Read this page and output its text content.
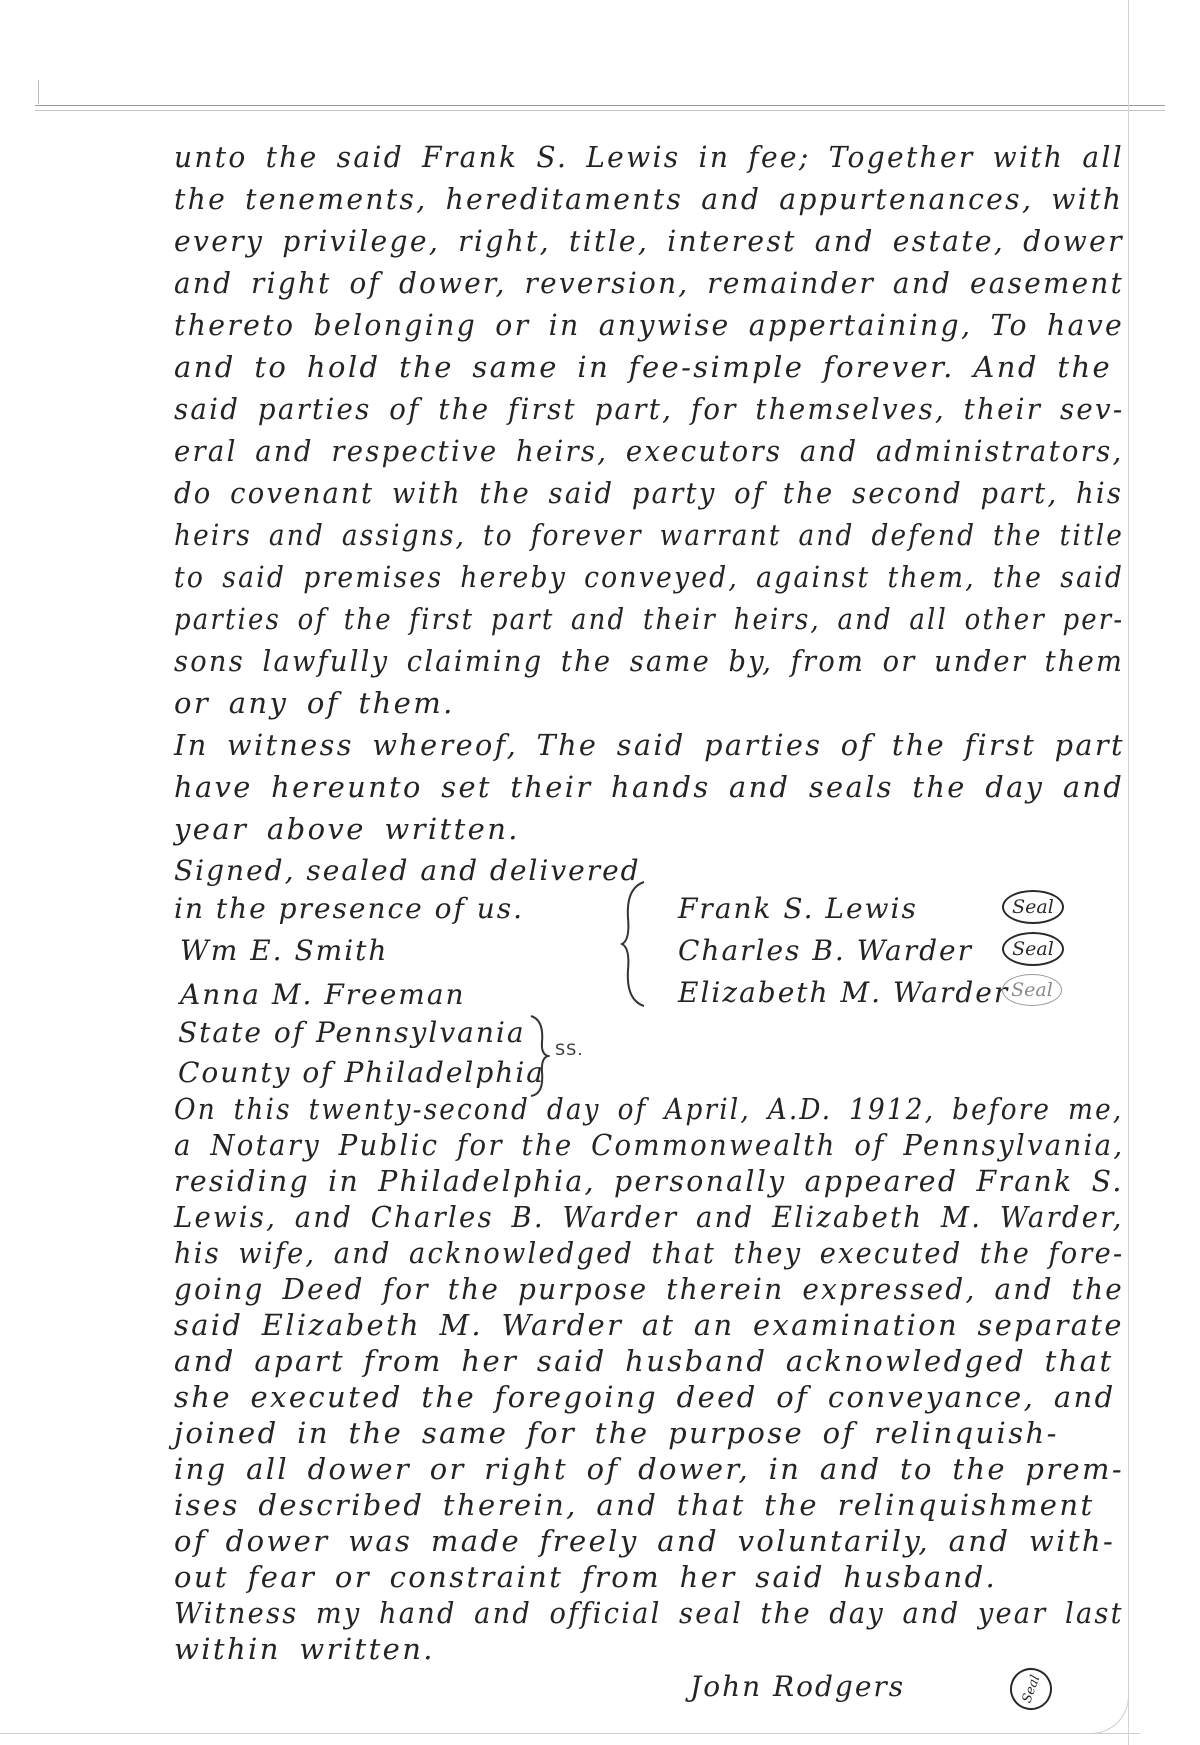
unto the said Frank S. Lewis in fee; Together with all
the tenements, hereditaments and appurtenances, with
every privilege, right, title, interest and estate, dower
and right of dower, reversion, remainder and easement
thereto belonging or in anywise appertaining, To have
and to hold the same in fee-simple forever. And the
said parties of the first part, for themselves, their sev-
eral and respective heirs, executors and administrators,
do covenant with the said party of the second part, his
heirs and assigns, to forever warrant and defend the title
to said premises hereby conveyed, against them, the said
parties of the first part and their heirs, and all other per-
sons lawfully claiming the same by, from or under them
or any of them.
In witness whereof, The said parties of the first part
have hereunto set their hands and seals the day and
year above written.
Signed, sealed and delivered
in the presence of us.
Wm E. Smith
Anna M. Freeman
Frank S. Lewis	Seal
Charles B. Warder	Seal
Elizabeth M. Warder Seal
State of Pennsylvania
County of Philadelphia
SS.
On this twenty-second day of April, A.D. 1912, before me,
a Notary Public for the Commonwealth of Pennsylvania,
residing in Philadelphia, personally appeared Frank S.
Lewis, and Charles B. Warder and Elizabeth M. Warder,
his wife, and acknowledged that they executed the fore-
going Deed for the purpose therein expressed, and the
said Elizabeth M. Warder at an examination separate
and apart from her said husband acknowledged that
she executed the foregoing deed of conveyance, and
joined in the same for the purpose of relinquish-
ing all dower or right of dower, in and to the prem-
ises described therein, and that the relinquishment
of dower was made freely and voluntarily, and with-
out fear or constraint from her said husband.
Witness my hand and official seal the day and year last
within written.
John Rodgers	Seal
